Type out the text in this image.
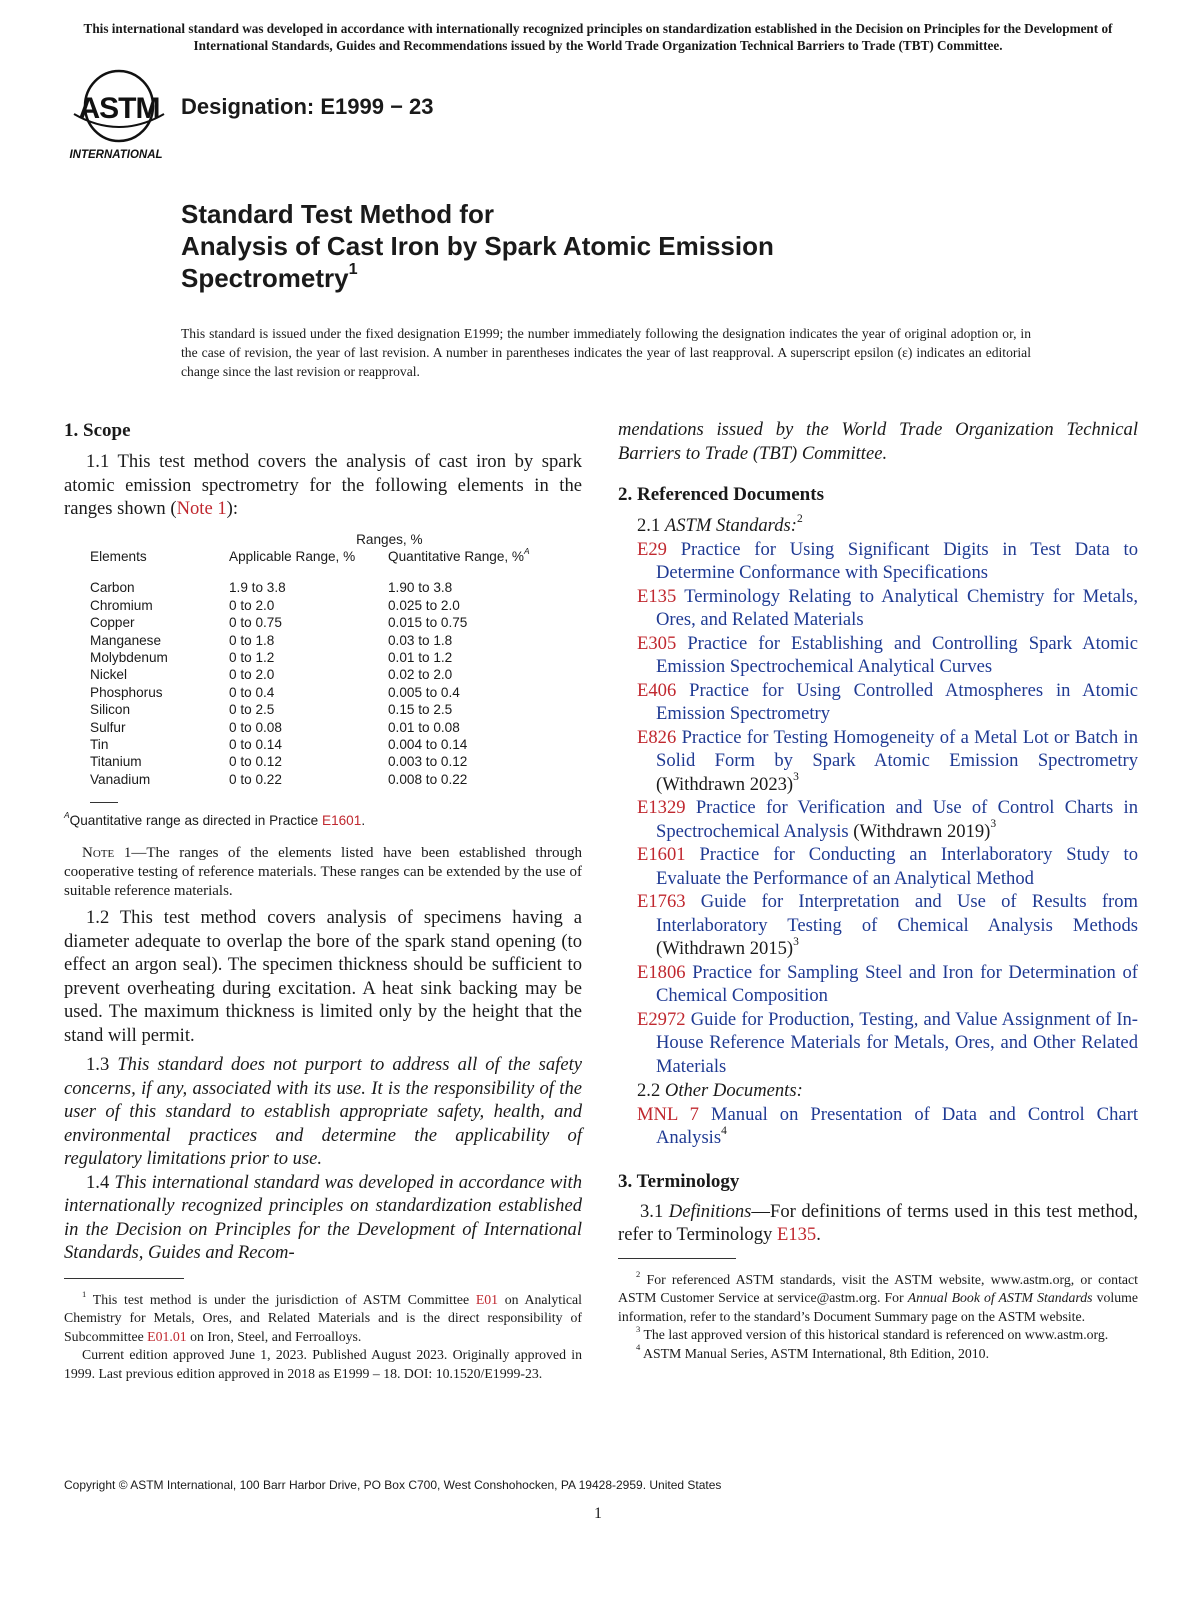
This international standard was developed in accordance with internationally recognized principles on standardization established in the Decision on Principles for the Development of International Standards, Guides and Recommendations issued by the World Trade Organization Technical Barriers to Trade (TBT) Committee.
ASTM
INTERNATIONAL
Designation: E1999 − 23
Standard Test Method for
Analysis of Cast Iron by Spark Atomic Emission
Spectrometry$^1$
This standard is issued under the fixed designation E1999; the number immediately following the designation indicates the year of original adoption or, in the case of revision, the year of last revision. A number in parentheses indicates the year of last reapproval. A superscript epsilon (ε) indicates an editorial change since the last revision or reapproval.

1. Scope

1.1 This test method covers the analysis of cast iron by spark atomic emission spectrometry for the following elements in the ranges shown (Note 1):

	Ranges, %	
Elements	Applicable Range, %	Quantitative Range, %$^A$

Carbon	1.9 to 3.8	1.90 to 3.8
Chromium	0 to 2.0	0.025 to 2.0
Copper	0 to 0.75	0.015 to 0.75
Manganese	0 to 1.8	0.03 to 1.8
Molybdenum	0 to 1.2	0.01 to 1.2
Nickel	0 to 2.0	0.02 to 2.0
Phosphorus	0 to 0.4	0.005 to 0.4
Silicon	0 to 2.5	0.15 to 2.5
Sulfur	0 to 0.08	0.01 to 0.08
Tin	0 to 0.14	0.004 to 0.14
Titanium	0 to 0.12	0.003 to 0.12
Vanadium	0 to 0.22	0.008 to 0.22

$^A$Quantitative range as directed in Practice E1601.

Note 1—The ranges of the elements listed have been established through cooperative testing of reference materials. These ranges can be extended by the use of suitable reference materials.

1.2 This test method covers analysis of specimens having a diameter adequate to overlap the bore of the spark stand opening (to effect an argon seal). The specimen thickness should be sufficient to prevent overheating during excitation. A heat sink backing may be used. The maximum thickness is limited only by the height that the stand will permit.

1.3 This standard does not purport to address all of the safety concerns, if any, associated with its use. It is the responsibility of the user of this standard to establish appropriate safety, health, and environmental practices and determine the applicability of regulatory limitations prior to use.

1.4 This international standard was developed in accordance with internationally recognized principles on standardization established in the Decision on Principles for the Development of International Standards, Guides and Recom-

mendations issued by the World Trade Organization Technical Barriers to Trade (TBT) Committee.

2. Referenced Documents

2.1 ASTM Standards:$^2$

E29 Practice for Using Significant Digits in Test Data to Determine Conformance with Specifications

E135 Terminology Relating to Analytical Chemistry for Metals, Ores, and Related Materials

E305 Practice for Establishing and Controlling Spark Atomic Emission Spectrochemical Analytical Curves

E406 Practice for Using Controlled Atmospheres in Atomic Emission Spectrometry

E826 Practice for Testing Homogeneity of a Metal Lot or Batch in Solid Form by Spark Atomic Emission Spectrometry (Withdrawn 2023)$^3$

E1329 Practice for Verification and Use of Control Charts in Spectrochemical Analysis (Withdrawn 2019)$^3$

E1601 Practice for Conducting an Interlaboratory Study to Evaluate the Performance of an Analytical Method

E1763 Guide for Interpretation and Use of Results from Interlaboratory Testing of Chemical Analysis Methods (Withdrawn 2015)$^3$

E1806 Practice for Sampling Steel and Iron for Determination of Chemical Composition

E2972 Guide for Production, Testing, and Value Assignment of In-House Reference Materials for Metals, Ores, and Other Related Materials

2.2 Other Documents:

MNL 7 Manual on Presentation of Data and Control Chart Analysis$^4$

3. Terminology

3.1 Definitions—For definitions of terms used in this test method, refer to Terminology E135.

$^1$ This test method is under the jurisdiction of ASTM Committee E01 on Analytical Chemistry for Metals, Ores, and Related Materials and is the direct responsibility of Subcommittee E01.01 on Iron, Steel, and Ferroalloys.

Current edition approved June 1, 2023. Published August 2023. Originally approved in 1999. Last previous edition approved in 2018 as E1999 – 18. DOI: 10.1520/E1999-23.

$^2$ For referenced ASTM standards, visit the ASTM website, www.astm.org, or contact ASTM Customer Service at service@astm.org. For Annual Book of ASTM Standards volume information, refer to the standard’s Document Summary page on the ASTM website.

$^3$ The last approved version of this historical standard is referenced on www.astm.org.

$^4$ ASTM Manual Series, ASTM International, 8th Edition, 2010.

Copyright © ASTM International, 100 Barr Harbor Drive, PO Box C700, West Conshohocken, PA 19428-2959. United States
1
